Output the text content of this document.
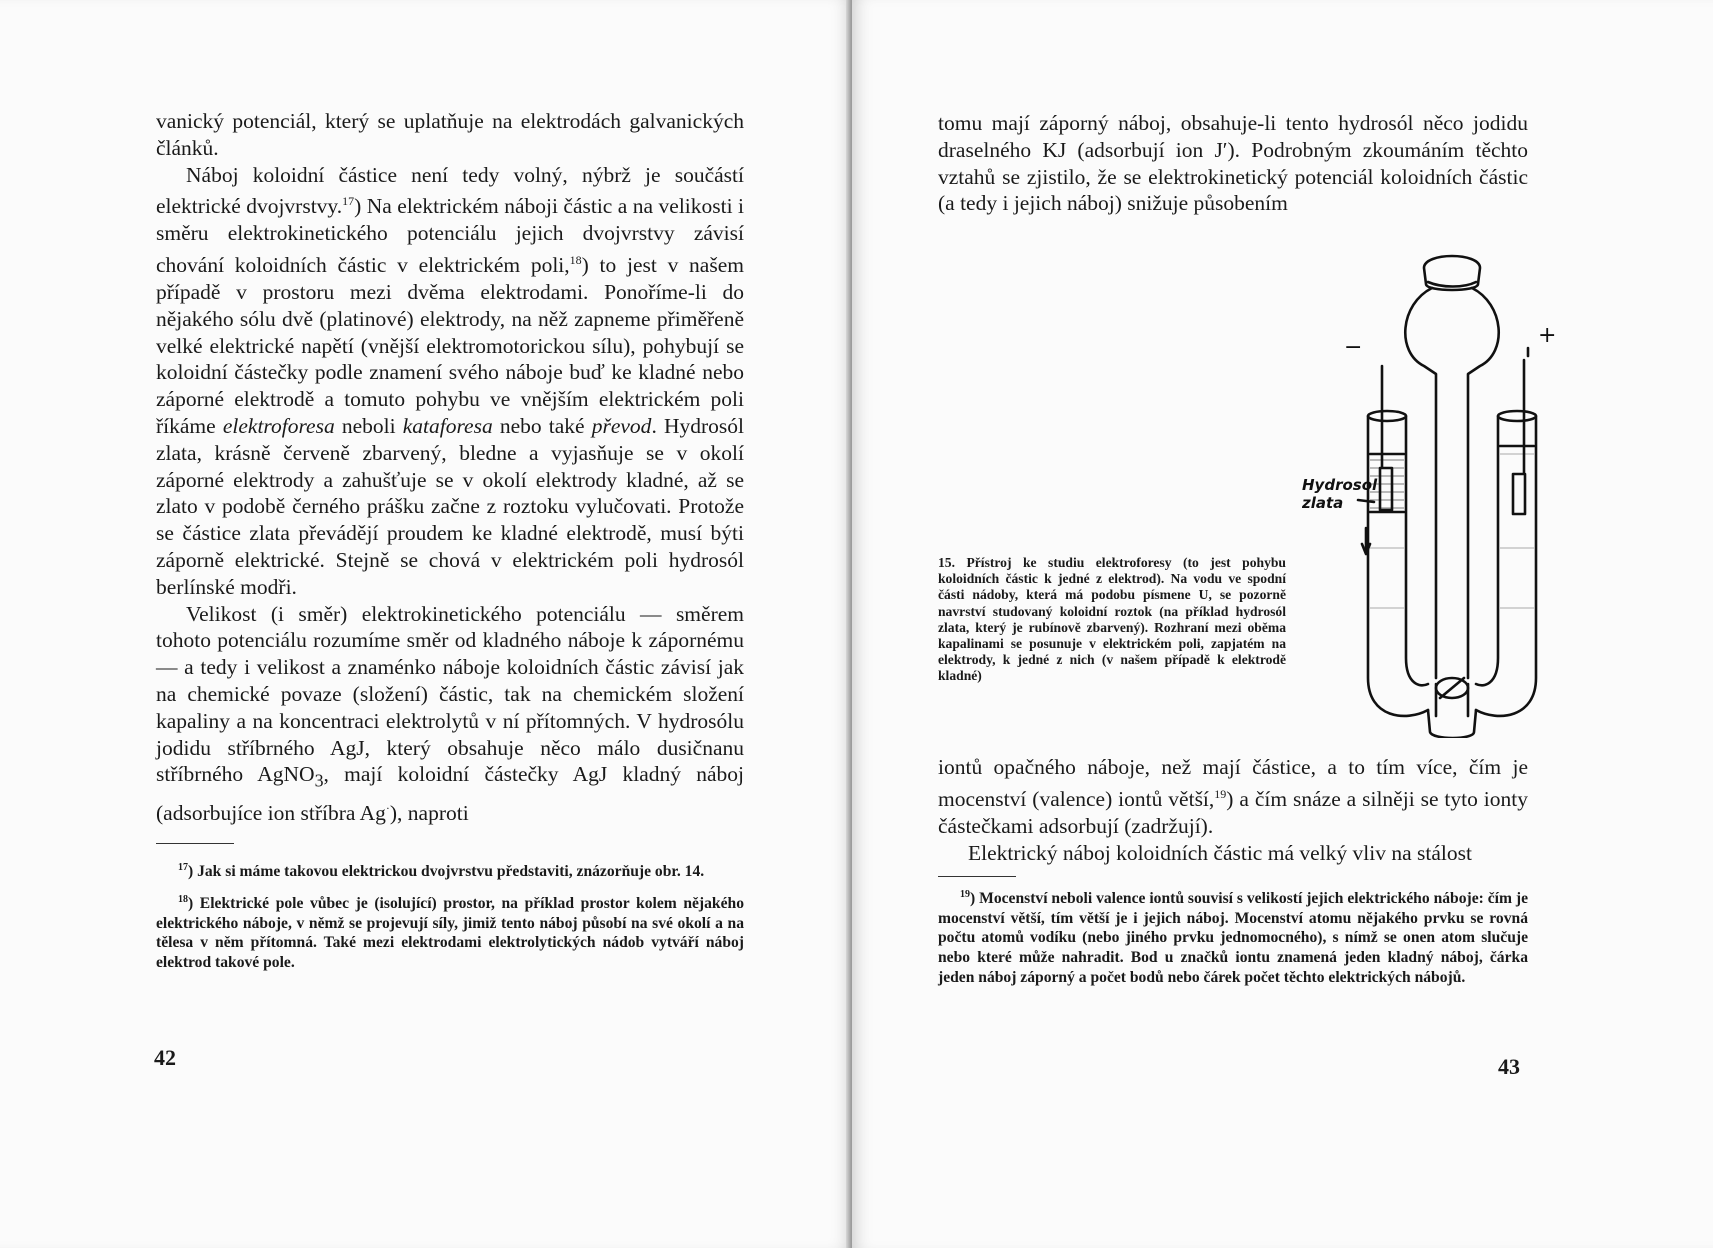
vanický potenciál, který se uplatňuje na elektrodách galvanických článků.

Náboj koloidní částice není tedy volný, nýbrž je součástí elektrické dvojvrstvy.$^{17}$) Na elektrickém náboji částic a na velikosti i směru elektrokinetického potenciálu jejich dvojvrstvy závisí chování koloidních částic v elektrickém poli,$^{18}$) to jest v našem případě v prostoru mezi dvěma elektrodami. Ponoříme-li do nějakého sólu dvě (platinové) elektrody, na něž zapneme přiměřeně velké elektrické napětí (vnější elektromotorickou sílu), pohybují se koloidní částečky podle znamení svého náboje buď ke kladné nebo záporné elektrodě a tomuto pohybu ve vnějším elektrickém poli říkáme elektroforesa neboli kataforesa nebo také převod. Hydrosól zlata, krásně červeně zbarvený, bledne a vyjasňuje se v okolí záporné elektrody a zahušťuje se v okolí elektrody kladné, až se zlato v podobě černého prášku začne z roztoku vylučovati. Protože se částice zlata převádějí proudem ke kladné elektrodě, musí býti záporně elektrické. Stejně se chová v elektrickém poli hydrosól berlínské modři.

Velikost (i směr) elektrokinetického potenciálu — směrem tohoto potenciálu rozumíme směr od kladného náboje k zápornému — a tedy i velikost a znaménko náboje koloidních částic závisí jak na chemické povaze (složení) částic, tak na chemickém složení kapaliny a na koncentraci elektrolytů v ní přítomných. V hydrosólu jodidu stříbrného AgJ, který obsahuje něco málo dusičnanu stříbrného AgNO$_3$, mají koloidní částečky AgJ kladný náboj (adsorbujíce ion stříbra Ag·), naproti

$^{17}$) Jak si máme takovou elektrickou dvojvrstvu představiti, znázorňuje obr. 14.

$^{18}$) Elektrické pole vůbec je (isolující) prostor, na příklad prostor kolem nějakého elektrického náboje, v němž se projevují síly, jimiž tento náboj působí na své okolí a na tělesa v něm přítomná. Také mezi elektrodami elektrolytických nádob vytváří náboj elektrod takové pole.

42

tomu mají záporný náboj, obsahuje-li tento hydrosól něco jodidu draselného KJ (adsorbují ion J′). Podrobným zkoumáním těchto vztahů se zjistilo, že se elektrokinetický potenciál koloidních částic (a tedy i jejich náboj) snižuje působením

15. Přístroj ke studiu elektroforesy (to jest pohybu koloidních částic k jedné z elektrod). Na vodu ve spodní části nádoby, která má podobu písmene U, se pozorně navrství studovaný koloidní roztok (na příklad hydrosól zlata, který je rubínově zbarvený). Rozhraní mezi oběma kapalinami se posunuje v elektrickém poli, zapjatém na elektrody, k jedné z nich (v našem případě k elektrodě kladné)
−	+
Hydrosol
zlata

iontů opačného náboje, než mají částice, a to tím více, čím je mocenství (valence) iontů větší,$^{19}$) a čím snáze a silněji se tyto ionty částečkami adsorbují (zadržují).

Elektrický náboj koloidních částic má velký vliv na stálost

$^{19}$) Mocenství neboli valence iontů souvisí s velikostí jejich elektrického náboje: čím je mocenství větší, tím větší je i jejich náboj. Mocenství atomu nějakého prvku se rovná počtu atomů vodíku (nebo jiného prvku jednomocného), s nímž se onen atom slučuje nebo které může nahradit. Bod u značků iontu znamená jeden kladný náboj, čárka jeden náboj záporný a počet bodů nebo čárek počet těchto elektrických nábojů.

43
